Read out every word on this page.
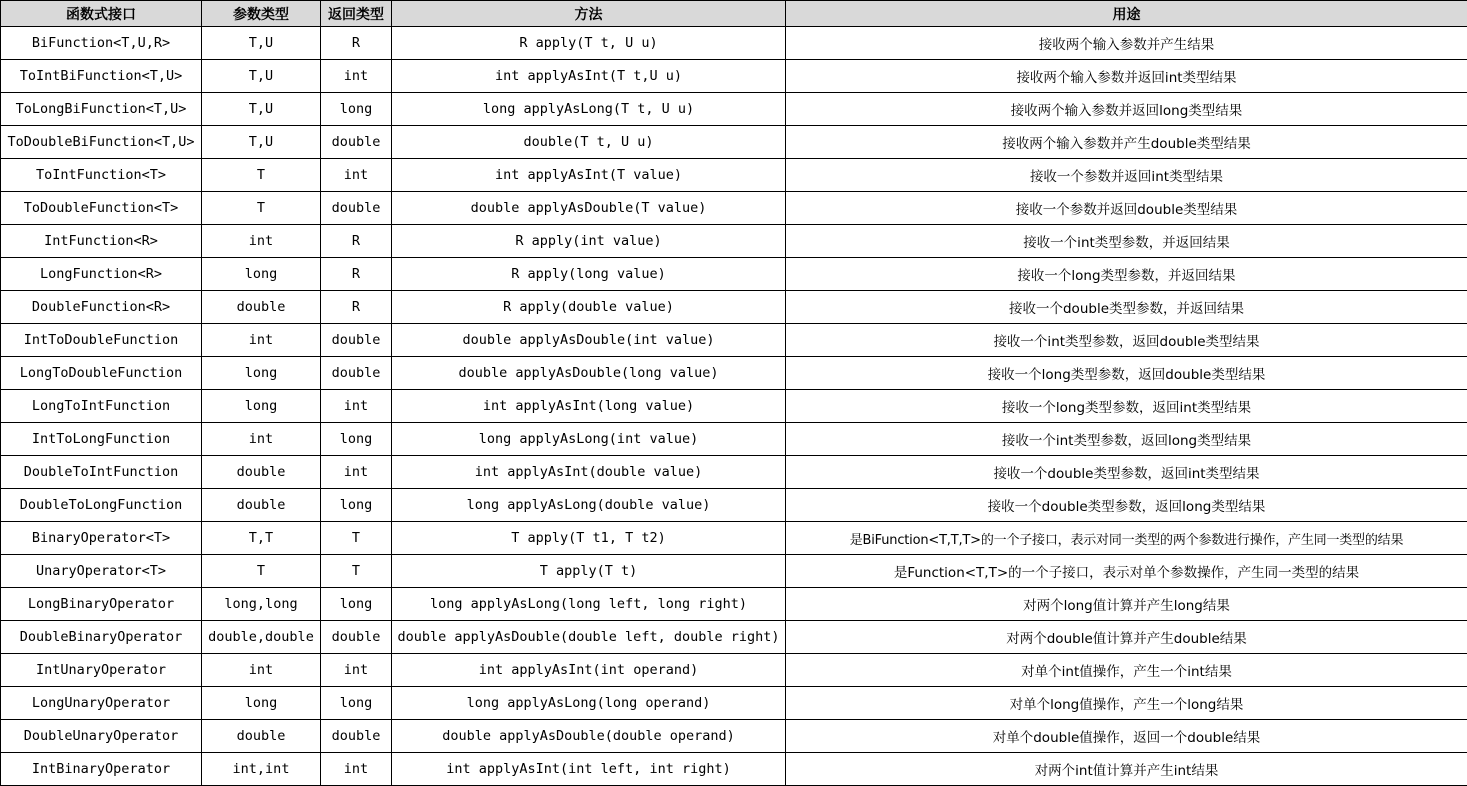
函数式接口	参数类型	返回类型	方法	用途
BiFunction<T,U,R>	T,U	R	R apply(T t, U u)	接收两个输入参数并产生结果
ToIntBiFunction<T,U>	T,U	int	int applyAsInt(T t,U u)	接收两个输入参数并返回int类型结果
ToLongBiFunction<T,U>	T,U	long	long applyAsLong(T t, U u)	接收两个输入参数并返回long类型结果
ToDoubleBiFunction<T,U>	T,U	double	double(T t, U u)	接收两个输入参数并产生double类型结果
ToIntFunction<T>	T	int	int applyAsInt(T value)	接收一个参数并返回int类型结果
ToDoubleFunction<T>	T	double	double applyAsDouble(T value)	接收一个参数并返回double类型结果
IntFunction<R>	int	R	R apply(int value)	接收一个int类型参数，并返回结果
LongFunction<R>	long	R	R apply(long value)	接收一个long类型参数，并返回结果
DoubleFunction<R>	double	R	R apply(double value)	接收一个double类型参数，并返回结果
IntToDoubleFunction	int	double	double applyAsDouble(int value)	接收一个int类型参数，返回double类型结果
LongToDoubleFunction	long	double	double applyAsDouble(long value)	接收一个long类型参数，返回double类型结果
LongToIntFunction	long	int	int applyAsInt(long value)	接收一个long类型参数，返回int类型结果
IntToLongFunction	int	long	long applyAsLong(int value)	接收一个int类型参数，返回long类型结果
DoubleToIntFunction	double	int	int applyAsInt(double value)	接收一个double类型参数，返回int类型结果
DoubleToLongFunction	double	long	long applyAsLong(double value)	接收一个double类型参数，返回long类型结果
BinaryOperator<T>	T,T	T	T apply(T t1, T t2)	是BiFunction<T,T,T>的一个子接口，表示对同一类型的两个参数进行操作，产生同一类型的结果
UnaryOperator<T>	T	T	T apply(T t)	是Function<T,T>的一个子接口，表示对单个参数操作，产生同一类型的结果
LongBinaryOperator	long,long	long	long applyAsLong(long left, long right)	对两个long值计算并产生long结果
DoubleBinaryOperator	double,double	double	double applyAsDouble(double left, double right)	对两个double值计算并产生double结果
IntUnaryOperator	int	int	int applyAsInt(int operand)	对单个int值操作，产生一个int结果
LongUnaryOperator	long	long	long applyAsLong(long operand)	对单个long值操作，产生一个long结果
DoubleUnaryOperator	double	double	double applyAsDouble(double operand)	对单个double值操作，返回一个double结果
IntBinaryOperator	int,int	int	int applyAsInt(int left, int right)	对两个int值计算并产生int结果
